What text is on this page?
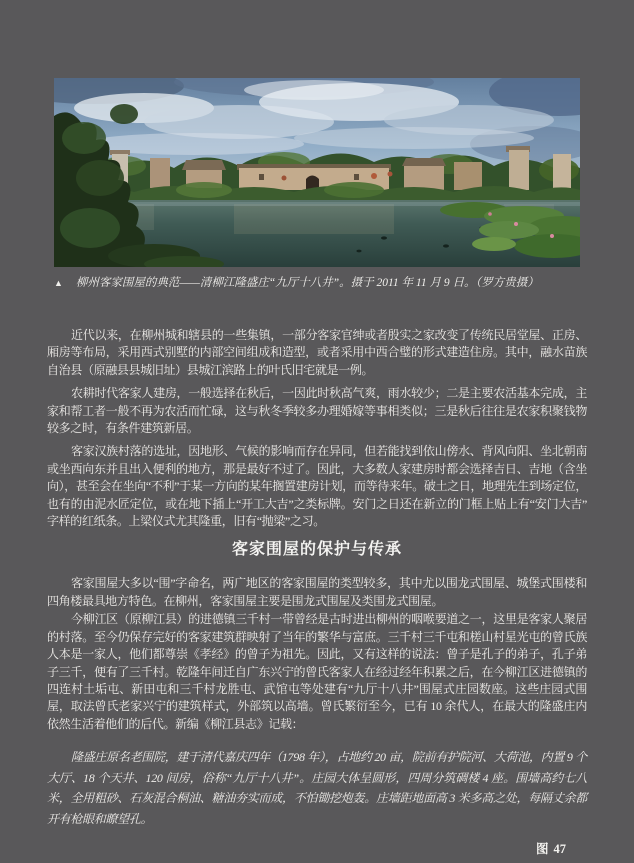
▲ 柳州客家围屋的典范——清柳江隆盛庄“九厅十八井”。摄于 2011 年 11 月 9 日。（罗方贵摄）

近代以来，在柳州城和辖县的一些集镇，一部分客家官绅或者殷实之家改变了传统民居堂屋、正房、厢房等布局，采用西式别墅的内部空间组成和造型，或者采用中西合璧的形式建造住房。其中，融水苗族自治县（原融县县城旧址）县城江滨路上的叶氏旧宅就是一例。

农耕时代客家人建房，一般选择在秋后，一因此时秋高气爽，雨水较少；二是主要农活基本完成，主家和帮工者一般不再为农活而忙碌，这与秋冬季较多办理婚嫁等事相类似；三是秋后往往是农家积聚钱物较多之时，有条件建筑新居。

客家汉族村落的选址，因地形、气候的影响而存在异同，但若能找到依山傍水、背风向阳、坐北朝南或坐西向东并且出入便利的地方，那是最好不过了。因此，大多数人家建房时都会选择吉日、吉地（含坐向），甚至会在坐向“不利”于某一方向的某年搁置建房计划，而等待来年。破土之日，地理先生到场定位，也有的由泥水匠定位，或在地下插上“开工大吉”之类标牌。安门之日还在新立的门框上贴上有“安门大吉”字样的红纸条。上梁仪式尤其隆重，旧有“抛梁”之习。

客家围屋的保护与传承

客家围屋大多以“围”字命名，两广地区的客家围屋的类型较多，其中尤以围龙式围屋、城堡式围楼和四角楼最具地方特色。在柳州，客家围屋主要是围龙式围屋及类围龙式围屋。

今柳江区（原柳江县）的进德镇三千村一带曾经是古时进出柳州的咽喉要道之一，这里是客家人聚居的村落。至今仍保存完好的客家建筑群映射了当年的繁华与富庶。三千村三千屯和槎山村星光屯的曾氏族人本是一家人，他们都尊崇《孝经》的曾子为祖先。因此，又有这样的说法：曾子是孔子的弟子，孔子弟子三千，便有了三千村。乾隆年间迁自广东兴宁的曾氏客家人在经过经年积累之后，在今柳江区进德镇的四连村土垢屯、新田屯和三千村龙胜屯、武馆屯等处建有“九厅十八井”围屋式庄园数座。这些庄园式围屋，取法曾氏老家兴宁的建筑样式，外部筑以高墙。曾氏繁衍至今，已有 10 余代人，在最大的隆盛庄内依然生活着他们的后代。新编《柳江县志》记载：

隆盛庄原名老围院，建于清代嘉庆四年（1798 年），占地约 20 亩，院前有护院河、大荷池，内置 9 个大厅、18 个天井、120 间房，俗称“九厅十八井”。庄园大体呈圆形，四周分筑碉楼 4 座。围墙高约七八米，全用粗砂、石灰混合桐油、糖油夯实而成，不怕锄挖炮轰。庄墙距地面高 3 米多高之处，每隔丈余都开有枪眼和瞭望孔。
图 47
